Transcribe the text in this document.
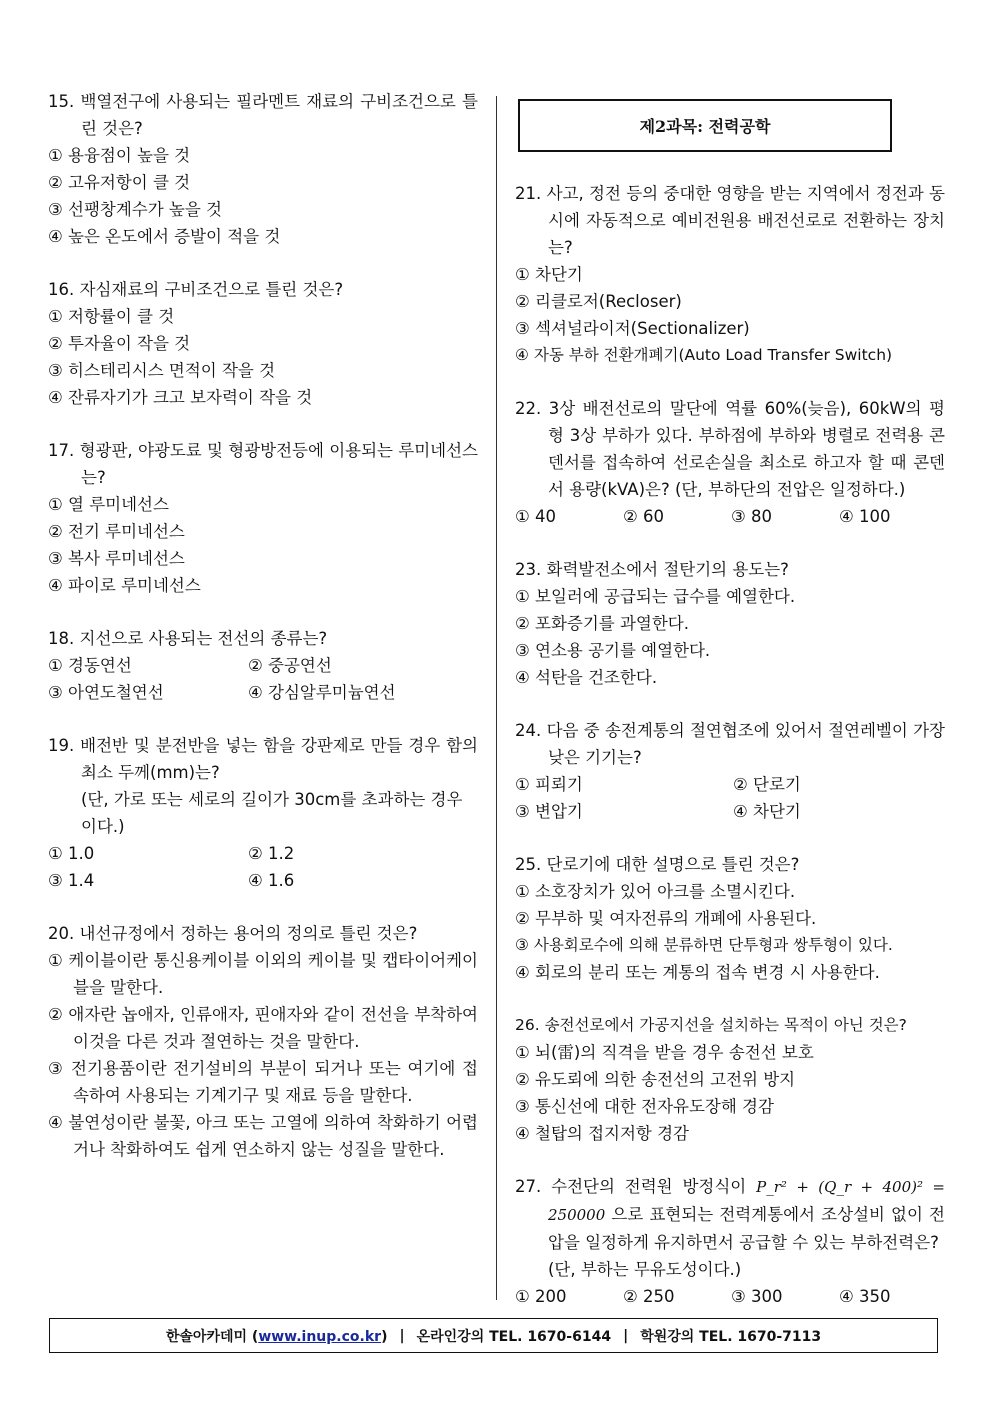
제2과목: 전력공학
15. 백열전구에 사용되는 필라멘트 재료의 구비조건으로 틀린 것은?
① 용융점이 높을 것
② 고유저항이 클 것
③ 선팽창계수가 높을 것
④ 높은 온도에서 증발이 적을 것
16. 자심재료의 구비조건으로 틀린 것은?
① 저항률이 클 것
② 투자율이 작을 것
③ 히스테리시스 면적이 작을 것
④ 잔류자기가 크고 보자력이 작을 것
17. 형광판, 야광도료 및 형광방전등에 이용되는 루미네선스는?
① 열 루미네선스
② 전기 루미네선스
③ 복사 루미네선스
④ 파이로 루미네선스
18. 지선으로 사용되는 전선의 종류는?
① 경동연선	② 중공연선
③ 아연도철연선	④ 강심알루미늄연선
19. 배전반 및 분전반을 넣는 함을 강판제로 만들 경우 함의 최소 두께(mm)는?
(단, 가로 또는 세로의 길이가 30cm를 초과하는 경우이다.)
① 1.0	② 1.2
③ 1.4	④ 1.6
20. 내선규정에서 정하는 용어의 정의로 틀린 것은?
① 케이블이란 통신용케이블 이외의 케이블 및 캡타이어케이블을 말한다.
② 애자란 놉애자, 인류애자, 핀애자와 같이 전선을 부착하여 이것을 다른 것과 절연하는 것을 말한다.
③ 전기용품이란 전기설비의 부분이 되거나 또는 여기에 접속하여 사용되는 기계기구 및 재료 등을 말한다.
④ 불연성이란 불꽃, 아크 또는 고열에 의하여 착화하기 어렵거나 착화하여도 쉽게 연소하지 않는 성질을 말한다.
21. 사고, 정전 등의 중대한 영향을 받는 지역에서 정전과 동시에 자동적으로 예비전원용 배전선로로 전환하는 장치는?
① 차단기
② 리클로저(Recloser)
③ 섹셔널라이저(Sectionalizer)
④ 자동 부하 전환개폐기(Auto Load Transfer Switch)
22. 3상 배전선로의 말단에 역률 60%(늦음), 60kW의 평형 3상 부하가 있다. 부하점에 부하와 병렬로 전력용 콘덴서를 접속하여 선로손실을 최소로 하고자 할 때 콘덴서 용량(kVA)은? (단, 부하단의 전압은 일정하다.)
① 40	② 60	③ 80	④ 100
23. 화력발전소에서 절탄기의 용도는?
① 보일러에 공급되는 급수를 예열한다.
② 포화증기를 과열한다.
③ 연소용 공기를 예열한다.
④ 석탄을 건조한다.
24. 다음 중 송전계통의 절연협조에 있어서 절연레벨이 가장 낮은 기기는?
① 피뢰기	② 단로기
③ 변압기	④ 차단기
25. 단로기에 대한 설명으로 틀린 것은?
① 소호장치가 있어 아크를 소멸시킨다.
② 무부하 및 여자전류의 개폐에 사용된다.
③ 사용회로수에 의해 분류하면 단투형과 쌍투형이 있다.
④ 회로의 분리 또는 계통의 접속 변경 시 사용한다.
26. 송전선로에서 가공지선을 설치하는 목적이 아닌 것은?
① 뇌(雷)의 직격을 받을 경우 송전선 보호
② 유도뢰에 의한 송전선의 고전위 방지
③ 통신선에 대한 전자유도장해 경감
④ 철탑의 접지저항 경감
27. 수전단의 전력원 방정식이 P_r² + (Q_r + 400)² = 250000 으로 표현되는 전력계통에서 조상설비 없이 전압을 일정하게 유지하면서 공급할 수 있는 부하전력은?
(단, 부하는 무유도성이다.)
① 200	② 250	③ 300	④ 350
한솔아카데미 (www.inup.co.kr) | 온라인강의 TEL. 1670-6144 | 학원강의 TEL. 1670-7113
